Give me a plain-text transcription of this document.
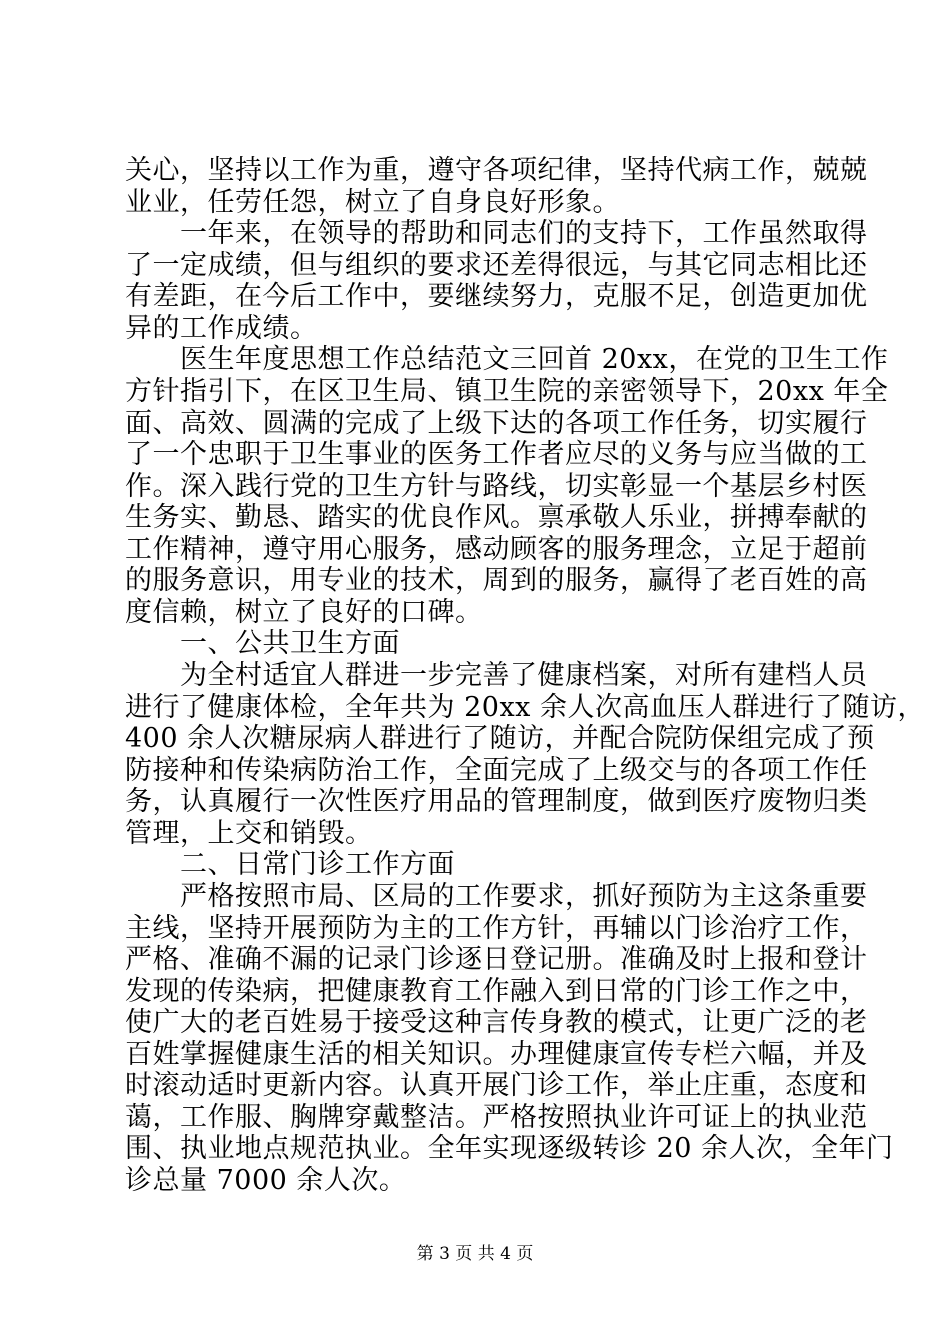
关心，坚持以工作为重，遵守各项纪律，坚持代病工作，兢兢
业业，任劳任怨，树立了自身良好形象。
一年来，在领导的帮助和同志们的支持下，工作虽然取得
了一定成绩，但与组织的要求还差得很远，与其它同志相比还
有差距，在今后工作中，要继续努力，克服不足，创造更加优
异的工作成绩。
医生年度思想工作总结范文三回首 20xx，在党的卫生工作
方针指引下，在区卫生局、镇卫生院的亲密领导下，20xx 年全
面、高效、圆满的完成了上级下达的各项工作任务，切实履行
了一个忠职于卫生事业的医务工作者应尽的义务与应当做的工
作。深入践行党的卫生方针与路线，切实彰显一个基层乡村医
生务实、勤恳、踏实的优良作风。禀承敬人乐业，拼搏奉献的
工作精神，遵守用心服务，感动顾客的服务理念，立足于超前
的服务意识，用专业的技术，周到的服务，赢得了老百姓的高
度信赖，树立了良好的口碑。
一、公共卫生方面
为全村适宜人群进一步完善了健康档案，对所有建档人员
进行了健康体检，全年共为 20xx 余人次高血压人群进行了随访，
400 余人次糖尿病人群进行了随访，并配合院防保组完成了预
防接种和传染病防治工作，全面完成了上级交与的各项工作任
务，认真履行一次性医疗用品的管理制度，做到医疗废物归类
管理，上交和销毁。
二、日常门诊工作方面
严格按照市局、区局的工作要求，抓好预防为主这条重要
主线，坚持开展预防为主的工作方针，再辅以门诊治疗工作，
严格、准确不漏的记录门诊逐日登记册。准确及时上报和登计
发现的传染病，把健康教育工作融入到日常的门诊工作之中，
使广大的老百姓易于接受这种言传身教的模式，让更广泛的老
百姓掌握健康生活的相关知识。办理健康宣传专栏六幅，并及
时滚动适时更新内容。认真开展门诊工作，举止庄重，态度和
蔼，工作服、胸牌穿戴整洁。严格按照执业许可证上的执业范
围、执业地点规范执业。全年实现逐级转诊 20 余人次，全年门
诊总量 7000 余人次。
第 3 页 共 4 页
